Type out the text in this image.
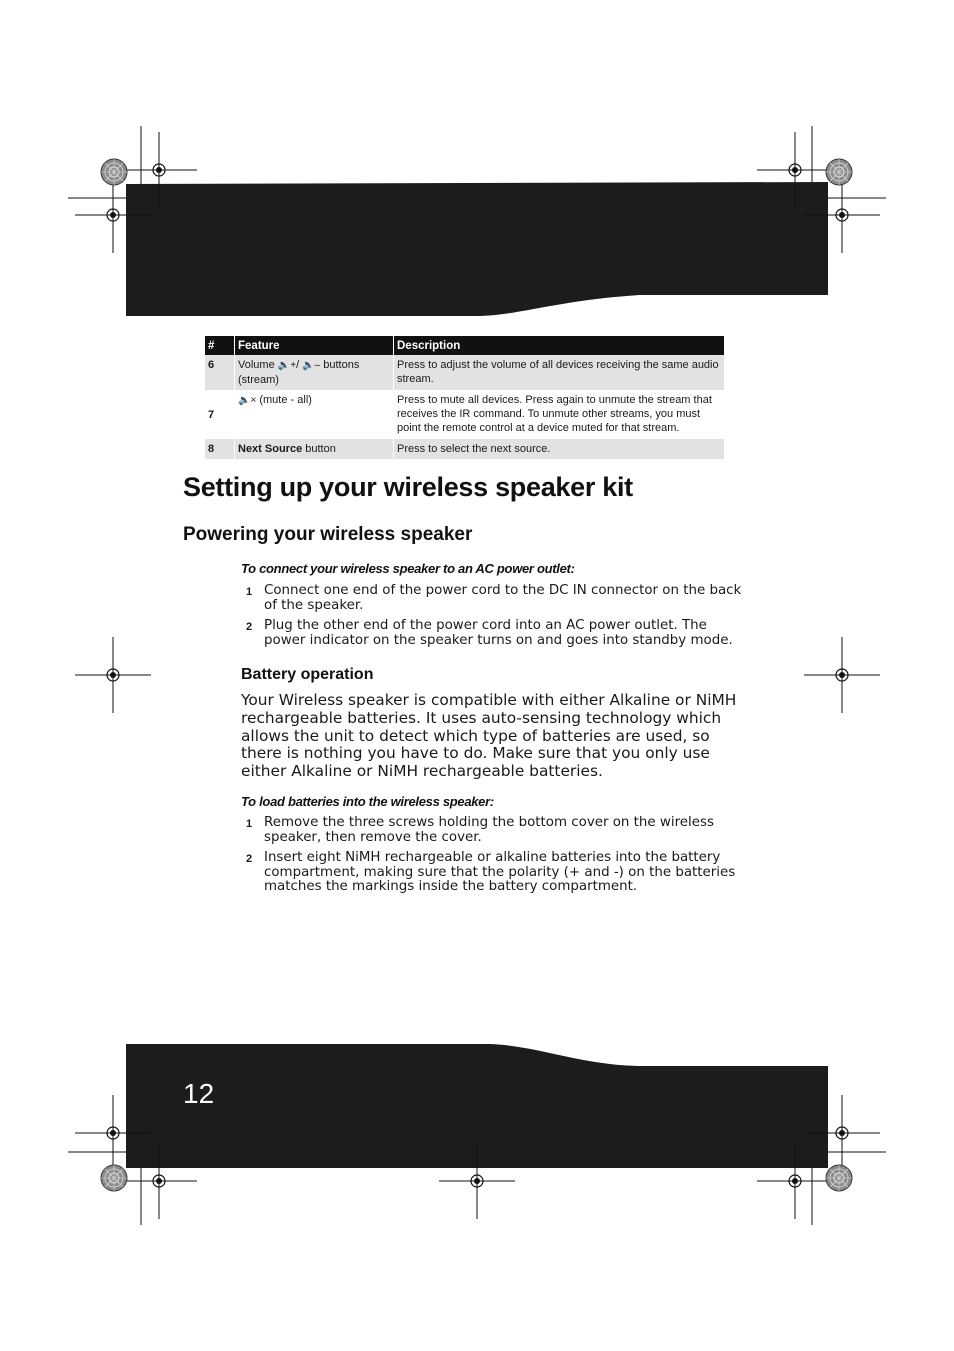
#	Feature	Description
6	Volume 🔈+/ 🔈– buttons (stream)	Press to adjust the volume of all devices receiving the same audio stream.
7	🔈× (mute - all)	Press to mute all devices. Press again to unmute the stream that receives the IR command. To unmute other streams, you must point the remote control at a device muted for that stream.
8	Next Source button	Press to select the next source.
Setting up your wireless speaker kit
Powering your wireless speaker
To connect your wireless speaker to an AC power outlet:
1 Connect one end of the power cord to the DC IN connector on the back of the speaker.
2 Plug the other end of the power cord into an AC power outlet. The power indicator on the speaker turns on and goes into standby mode.
Battery operation

Your Wireless speaker is compatible with either Alkaline or NiMH rechargeable batteries. It uses auto-sensing technology which allows the unit to detect which type of batteries are used, so there is nothing you have to do. Make sure that you only use either Alkaline or NiMH rechargeable batteries.

To load batteries into the wireless speaker:
1 Remove the three screws holding the bottom cover on the wireless speaker, then remove the cover.
2 Insert eight NiMH rechargeable or alkaline batteries into the battery compartment, making sure that the polarity (+ and -) on the batteries matches the markings inside the battery compartment.
12
